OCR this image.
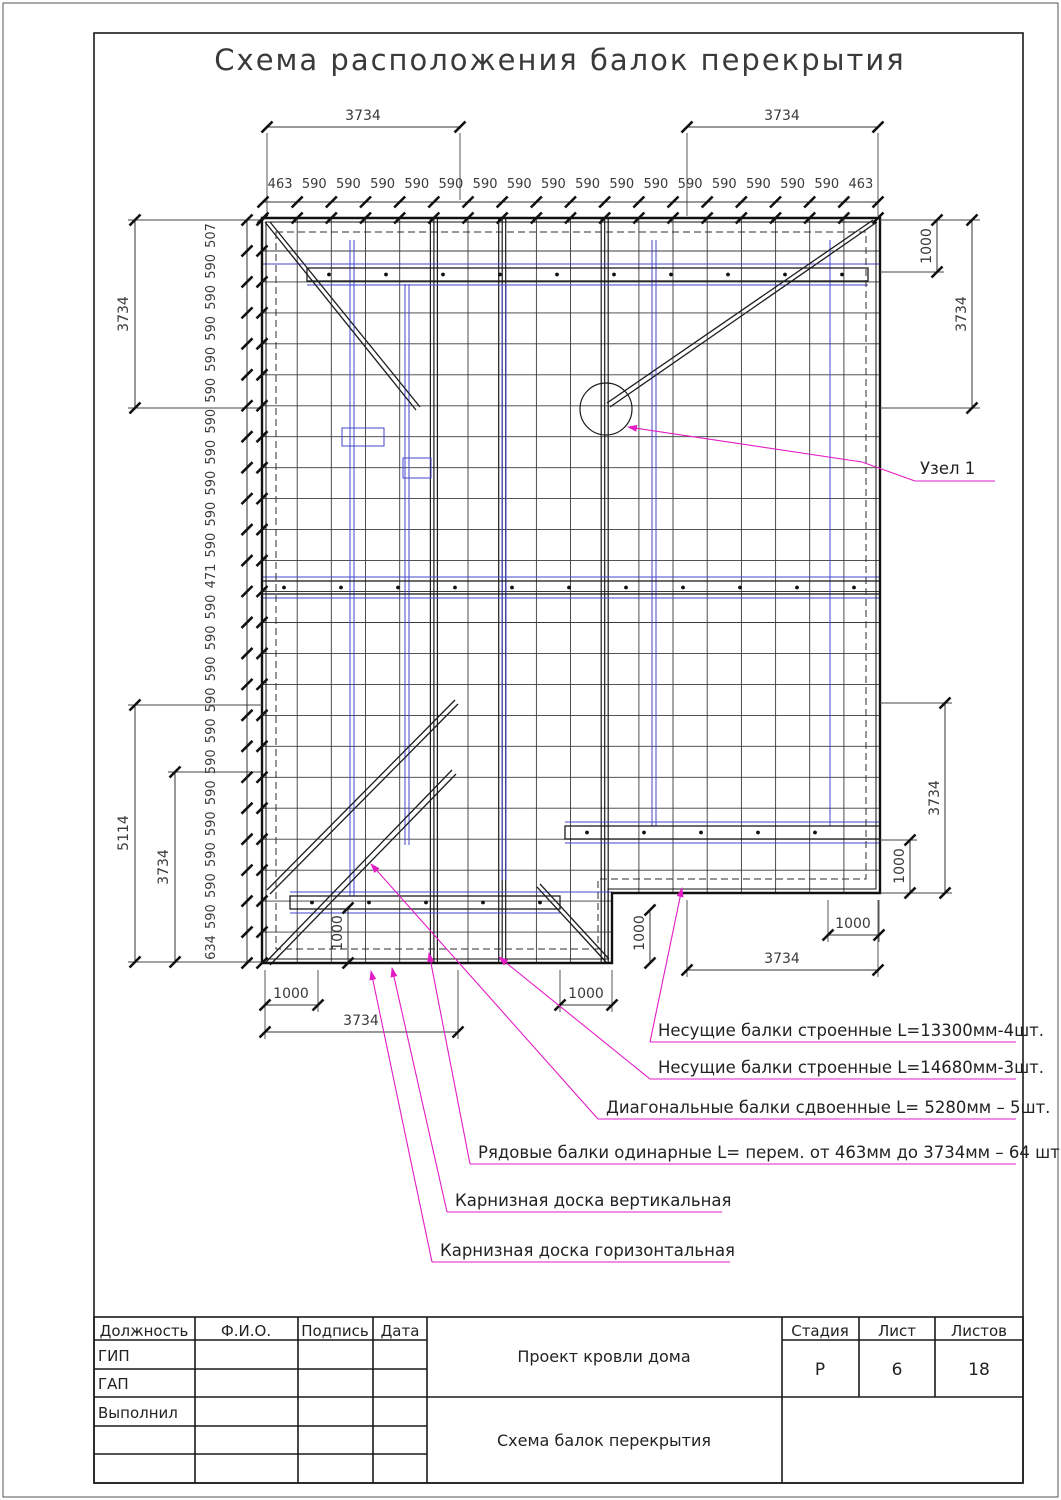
Схема расположения балок перекрытия
463 590 590 590 590 590 590 590 590 590 590 590 590 590 590 590 590 463
507
590
590
590
590
590
590
590
590
590
590
471
590
590
590
590
590
590
590
590
590
590
590
634
3734	3734
3734
5114
3734
1000
3734
3734
1000
1000
3734
1000	1000
3734
1000	1000
Узел 1
Несущие балки строенные L=13300мм-4шт.
Несущие балки строенные L=14680мм-3шт.
Диагональные балки сдвоенные L= 5280мм – 5шт.
Рядовые балки одинарные L= перем. от 463мм до 3734мм – 64 шт
Карнизная доска вертикальная
Карнизная доска горизонтальная
Должность Ф.И.О. Подпись Дата
ГИП
ГАП
Выполнил
Проект кровли дома
Схема балок перекрытия
Стадия Лист Листов
Р	6	18
